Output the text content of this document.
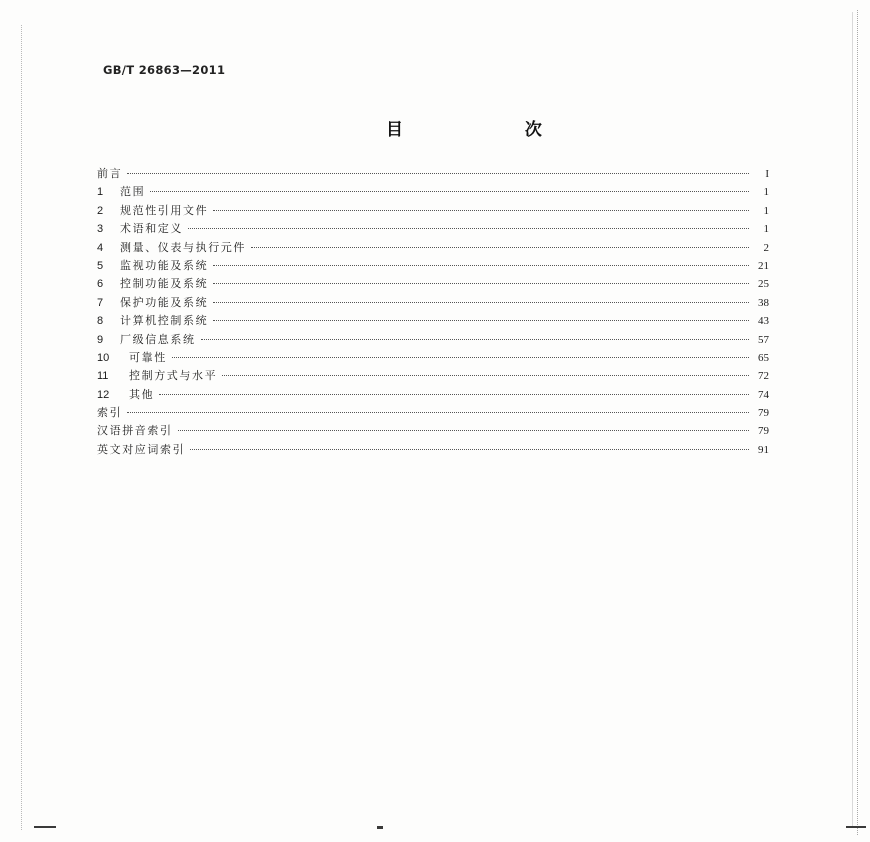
GB/T 26863—2011
目 次
前言	I
1	范围	1
2	规范性引用文件	1
3	术语和定义	1
4	测量、仪表与执行元件	2
5	监视功能及系统	21
6	控制功能及系统	25
7	保护功能及系统	38
8	计算机控制系统	43
9	厂级信息系统	57
10	可靠性	65
11	控制方式与水平	72
12	其他	74
索引	79
汉语拼音索引	79
英文对应词索引	91
